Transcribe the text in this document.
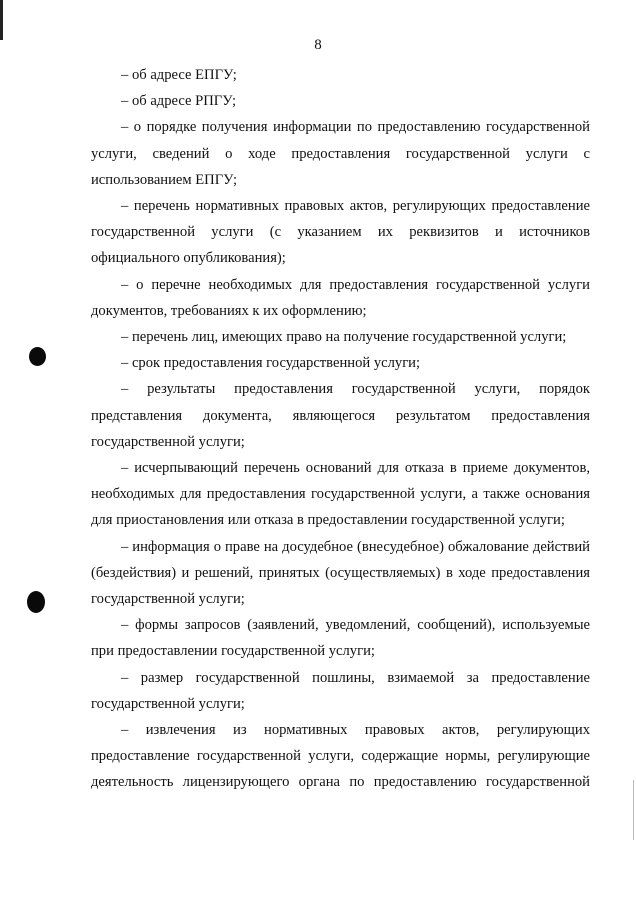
8

– об адресе ЕПГУ;

– об адресе РПГУ;

– о порядке получения информации по предоставлению государственной услуги, сведений о ходе предоставления государственной услуги с использованием ЕПГУ;

– перечень нормативных правовых актов, регулирующих предоставление государственной услуги (с указанием их реквизитов и источников официального опубликования);

– о перечне необходимых для предоставления государственной услуги документов, требованиях к их оформлению;

– перечень лиц, имеющих право на получение государственной услуги;

– срок предоставления государственной услуги;

– результаты предоставления государственной услуги, порядок представления документа, являющегося результатом предоставления государственной услуги;

– исчерпывающий перечень оснований для отказа в приеме документов, необходимых для предоставления государственной услуги, а также основания для приостановления или отказа в предоставлении государственной услуги;

– информация о праве на досудебное (внесудебное) обжалование действий (бездействия) и решений, принятых (осуществляемых) в ходе предоставления государственной услуги;

– формы запросов (заявлений, уведомлений, сообщений), используемые при предоставлении государственной услуги;

– размер государственной пошлины, взимаемой за предоставление государственной услуги;

– извлечения из нормативных правовых актов, регулирующих предоставление государственной услуги, содержащие нормы, регулирующие деятельность лицензирующего органа по предоставлению государственной
